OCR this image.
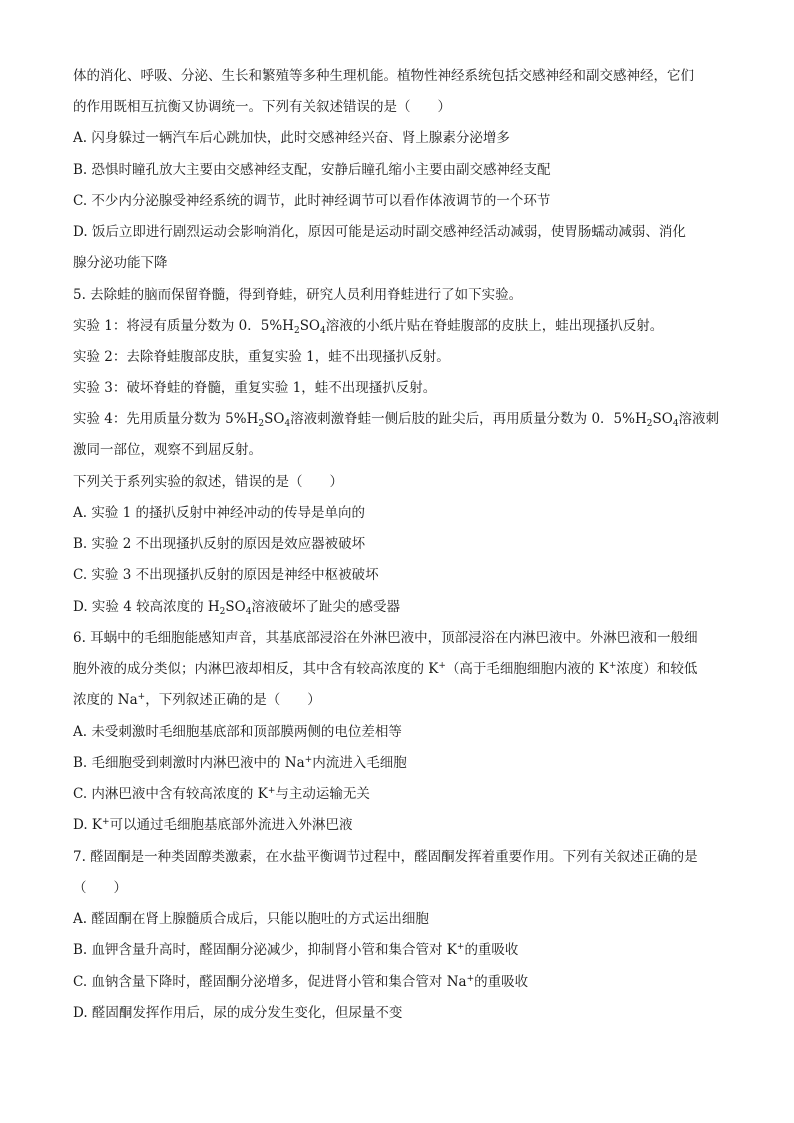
体的消化、呼吸、分泌、生长和繁殖等多种生理机能。植物性神经系统包括交感神经和副交感神经，它们
的作用既相互抗衡又协调统一。下列有关叙述错误的是（　　）
A. 闪身躲过一辆汽车后心跳加快，此时交感神经兴奋、肾上腺素分泌增多
B. 恐惧时瞳孔放大主要由交感神经支配，安静后瞳孔缩小主要由副交感神经支配
C. 不少内分泌腺受神经系统的调节，此时神经调节可以看作体液调节的一个环节
D. 饭后立即进行剧烈运动会影响消化，原因可能是运动时副交感神经活动减弱，使胃肠蠕动减弱、消化
腺分泌功能下降
5. 去除蛙的脑而保留脊髓，得到脊蛙，研究人员利用脊蛙进行了如下实验。
实验 1：将浸有质量分数为 0．$5\%H_2SO_4$溶液的小纸片贴在脊蛙腹部的皮肤上，蛙出现搔扒反射。
实验 2：去除脊蛙腹部皮肤，重复实验 1，蛙不出现搔扒反射。
实验 3：破坏脊蛙的脊髓，重复实验 1，蛙不出现搔扒反射。
实验 4：先用质量分数为 $5\%H_2SO_4$溶液刺激脊蛙一侧后肢的趾尖后，再用质量分数为 0．$5\%H_2SO_4$溶液刺
激同一部位，观察不到屈反射。
下列关于系列实验的叙述，错误的是（　　）
A. 实验 1 的搔扒反射中神经冲动的传导是单向的
B. 实验 2 不出现搔扒反射的原因是效应器被破坏
C. 实验 3 不出现搔扒反射的原因是神经中枢被破坏
D. 实验 4 较高浓度的 $H_2SO_4$溶液破坏了趾尖的感受器
6. 耳蜗中的毛细胞能感知声音，其基底部浸浴在外淋巴液中，顶部浸浴在内淋巴液中。外淋巴液和一般细
胞外液的成分类似；内淋巴液却相反，其中含有较高浓度的 K+（高于毛细胞细胞内液的 K+浓度）和较低
浓度的 Na+，下列叙述正确的是（　　）
A. 未受刺激时毛细胞基底部和顶部膜两侧的电位差相等
B. 毛细胞受到刺激时内淋巴液中的 Na+内流进入毛细胞
C. 内淋巴液中含有较高浓度的 K+与主动运输无关
D. K+可以通过毛细胞基底部外流进入外淋巴液
7. 醛固酮是一种类固醇类激素，在水盐平衡调节过程中，醛固酮发挥着重要作用。下列有关叙述正确的是
（　　）
A. 醛固酮在肾上腺髓质合成后，只能以胞吐的方式运出细胞
B. 血钾含量升高时，醛固酮分泌减少，抑制肾小管和集合管对 K+的重吸收
C. 血钠含量下降时，醛固酮分泌增多，促进肾小管和集合管对 Na+的重吸收
D. 醛固酮发挥作用后，尿的成分发生变化，但尿量不变
